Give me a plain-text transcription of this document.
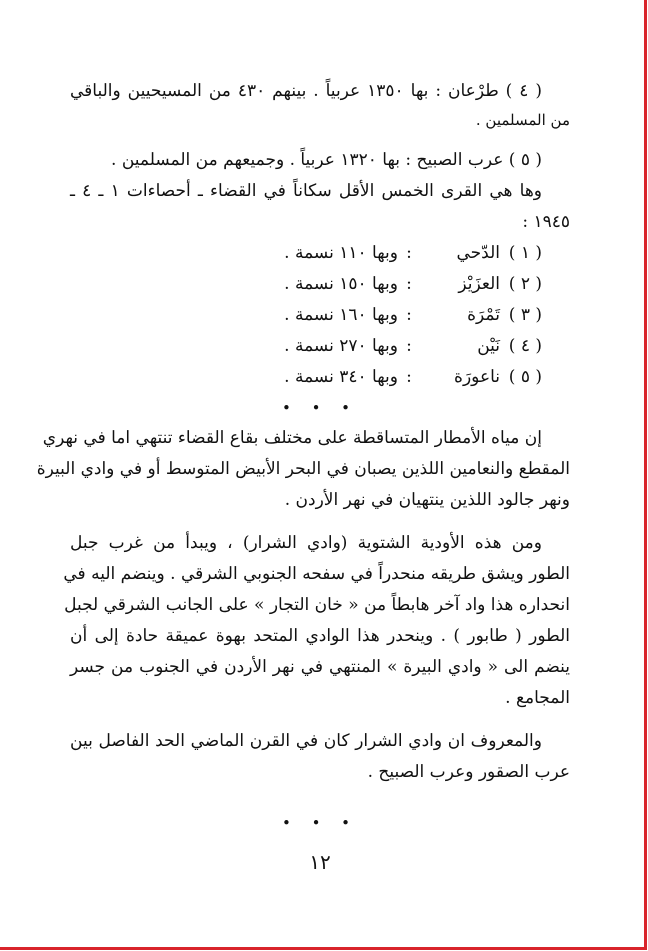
( ٤ ) طرْعان : بها ١٣٥٠ عربياً . بينهم ٤٣٠ من المسيحيين والباقي
من المسلمين .
( ٥ ) عرب الصبيح : بها ١٣٢٠ عربياً . وجميعهم من المسلمين .
وها هي القرى الخمس الأقل سكاناً في القضاء ـ أحصاءات ١ ـ ٤ ـ
١٩٤٥ :
( ١ )
الدّحي
:
وبها ١١٠ نسمة .
( ٢ )
العزَيْز
:
وبها ١٥٠ نسمة .
( ٣ )
تَمْرَة
:
وبها ١٦٠ نسمة .
( ٤ )
نَيْن
:
وبها ٢٧٠ نسمة .
( ٥ )
ناعورَة
:
وبها ٣٤٠ نسمة .
• • •
إن مياه الأمطار المتساقطة على مختلف بقاع القضاء تنتهي اما في نهري
المقطع والنعامين اللذين يصبان في البحر الأبيض المتوسط أو في وادي البيرة
ونهر جالود اللذين ينتهيان في نهر الأردن .
ومن هذه الأودية الشتوية (وادي الشرار) ، ويبدأ من غرب جبل
الطور ويشق طريقه منحدراً في سفحه الجنوبي الشرقي . وينضم اليه في
انحداره هذا واد آخر هابطاً من « خان التجار » على الجانب الشرقي لجبل
الطور ( طابور ) . وينحدر هذا الوادي المتحد بهوة عميقة حادة إلى أن
ينضم الى « وادي البيرة » المنتهي في نهر الأردن في الجنوب من جسر
المجامع .
والمعروف ان وادي الشرار كان في القرن الماضي الحد الفاصل بين
عرب الصقور وعرب الصبيح .
• • •
١٢
